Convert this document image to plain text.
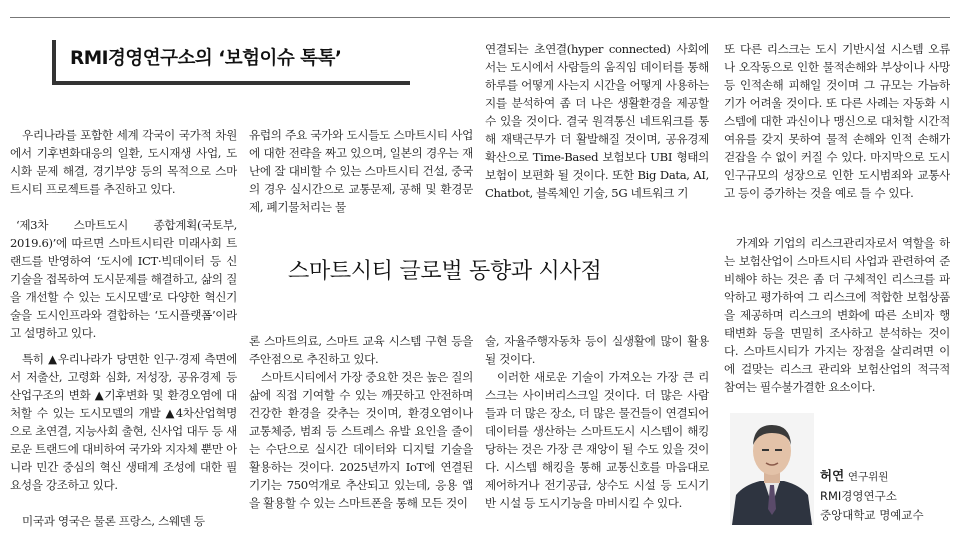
RMI경영연구소의 ‘보험이슈 톡톡’

우리나라를 포함한 세계 각국이 국가적 차원에서 기후변화대응의 일환, 도시재생 사업, 도시화 문제 해결, 경기부양 등의 목적으로 스마트시티 프로젝트를 추진하고 있다.

‘제3차 스마트도시 종합계획(국토부, 2019.6)’에 따르면 스마트시티란 미래사회 트랜드를 반영하여 ‘도시에 ICT·빅데이터 등 신기술을 접목하여 도시문제를 해결하고, 삶의 질을 개선할 수 있는 도시모델’로 다양한 혁신기술을 도시인프라와 결합하는 ‘도시플랫폼’이라고 설명하고 있다.

특히 ▲우리나라가 당면한 인구·경제 측면에서 저출산, 고령화 심화, 저성장, 공유경제 등 산업구조의 변화 ▲기후변화 및 환경오염에 대처할 수 있는 도시모델의 개발 ▲4차산업혁명으로 초연결, 지능사회 출현, 신사업 대두 등 새로운 트랜드에 대비하여 국가와 지자체 뿐만 아니라 민간 중심의 혁신 생태계 조성에 대한 필요성을 강조하고 있다.

미국과 영국은 물론 프랑스, 스웨덴 등

유럽의 주요 국가와 도시들도 스마트시티 사업에 대한 전략을 짜고 있으며, 일본의 경우는 재난에 잘 대비할 수 있는 스마트시티 건설, 중국의 경우 실시간으로 교통문제, 공해 및 환경문제, 폐기물처리는 물

스마트시티 글로벌 동향과 시사점

론 스마트의료, 스마트 교육 시스템 구현 등을 주안점으로 추진하고 있다.

스마트시티에서 가장 중요한 것은 높은 질의 삶에 직접 기여할 수 있는 깨끗하고 안전하며 건강한 환경을 갖추는 것이며, 환경오염이나 교통체증, 범죄 등 스트레스 유발 요인을 줄이는 수단으로 실시간 데이터와 디지털 기술을 활용하는 것이다. 2025년까지 IoT에 연결된 기기는 750억개로 추산되고 있는데, 응용 앱을 활용할 수 있는 스마트폰을 통해 모든 것이

연결되는 초연결(hyper connected) 사회에서는 도시에서 사람들의 움직임 데이터를 통해 하루를 어떻게 사는지 시간을 어떻게 사용하는지를 분석하여 좀 더 나은 생활환경을 제공할 수 있을 것이다. 결국 원격통신 네트워크를 통해 재택근무가 더 활발해질 것이며, 공유경제 확산으로 Time-Based 보험보다 UBI 형태의 보험이 보편화 될 것이다. 또한 Big Data, AI, Chatbot, 블록체인 기술, 5G 네트워크 기

술, 자율주행자동차 등이 실생활에 많이 활용될 것이다.

이러한 새로운 기술이 가져오는 가장 큰 리스크는 사이버리스크일 것이다. 더 많은 사람들과 더 많은 장소, 더 많은 물건들이 연결되어 데이터를 생산하는 스마트도시 시스템이 해킹 당하는 것은 가장 큰 재앙이 될 수도 있을 것이다. 시스템 해킹을 통해 교통신호를 마음대로 제어하거나 전기공급, 상수도 시설 등 도시기반 시설 등 도시기능을 마비시킬 수 있다.

또 다른 리스크는 도시 기반시설 시스템 오류나 오작동으로 인한 물적손해와 부상이나 사망 등 인적손해 피해일 것이며 그 규모는 가늠하기가 어려울 것이다. 또 다른 사례는 자동화 시스템에 대한 과신이나 맹신으로 대처할 시간적 여유를 갖지 못하여 물적 손해와 인적 손해가 걷잡을 수 없이 커질 수 있다. 마지막으로 도시 인구규모의 성장으로 인한 도시범죄와 교통사고 등이 증가하는 것을 예로 들 수 있다.

가계와 기업의 리스크관리자로서 역할을 하는 보험산업이 스마트시티 사업과 관련하여 준비해야 하는 것은 좀 더 구체적인 리스크를 파악하고 평가하여 그 리스크에 적합한 보험상품을 제공하며 리스크의 변화에 따른 소비자 행태변화 등을 면밀히 조사하고 분석하는 것이다. 스마트시티가 가지는 장점을 살리려면 이에 걸맞는 리스크 관리와 보험산업의 적극적 참여는 필수불가결한 요소이다.

허연 연구위원
RMI경영연구소
중앙대학교 명예교수
